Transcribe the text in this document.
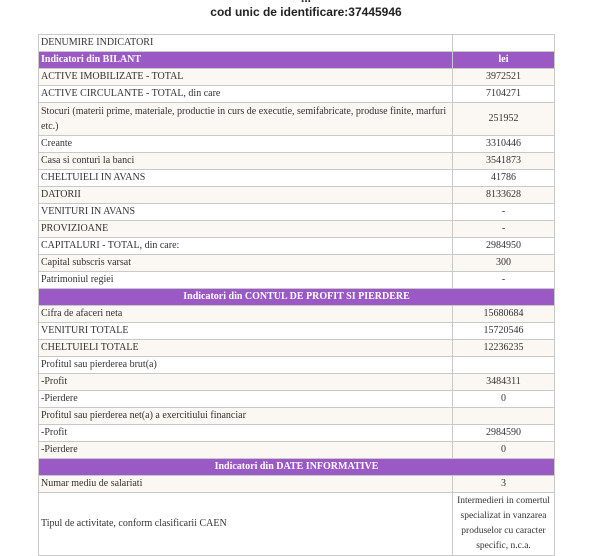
cod unic de identificare:37445946
DENUMIRE INDICATORI	
Indicatori din BILANT	lei
ACTIVE IMOBILIZATE - TOTAL	3972521
ACTIVE CIRCULANTE - TOTAL, din care	7104271
Stocuri (materii prime, materiale, productie in curs de executie, semifabricate, produse finite, marfuri etc.)	251952
Creante	3310446
Casa si conturi la banci	3541873
CHELTUIELI IN AVANS	41786
DATORII	8133628
VENITURI IN AVANS	-
PROVIZIOANE	-
CAPITALURI - TOTAL, din care:	2984950
Capital subscris varsat	300
Patrimoniul regiei	-
Indicatori din CONTUL DE PROFIT SI PIERDERE	
Cifra de afaceri neta	15680684
VENITURI TOTALE	15720546
CHELTUIELI TOTALE	12236235
Profitul sau pierderea brut(a)	
-Profit	3484311
-Pierdere	0
Profitul sau pierderea net(a) a exercitiului financiar	
-Profit	2984590
-Pierdere	0
Indicatori din DATE INFORMATIVE	
Numar mediu de salariati	3
Tipul de activitate, conform clasificarii CAEN	Intermedieri in comertul specializat in vanzarea produselor cu caracter specific, n.c.a.
